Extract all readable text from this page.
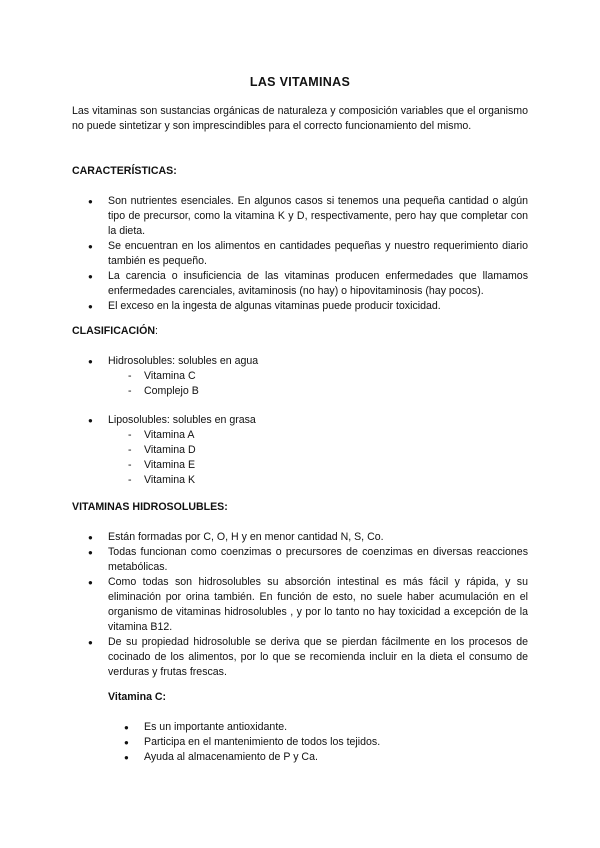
LAS VITAMINAS
Las vitaminas son sustancias orgánicas de naturaleza y composición variables que el organismo no puede sintetizar y son imprescindibles para el correcto funcionamiento del mismo.
CARACTERÍSTICAS:
● Son nutrientes esenciales. En algunos casos si tenemos una pequeña cantidad o algún tipo de precursor, como la vitamina K y D, respectivamente, pero hay que completar con la dieta.
● Se encuentran en los alimentos en cantidades pequeñas y nuestro requerimiento diario también es pequeño.
● La carencia o insuficiencia de las vitaminas producen enfermedades que llamamos enfermedades carenciales, avitaminosis (no hay) o hipovitaminosis (hay pocos).
● El exceso en la ingesta de algunas vitaminas puede producir toxicidad.
CLASIFICACIÓN:
● Hidrosolubles: solubles en agua
- Vitamina C
- Complejo B
● Liposolubles: solubles en grasa
- Vitamina A
- Vitamina D
- Vitamina E
- Vitamina K
VITAMINAS HIDROSOLUBLES:
● Están formadas por C, O, H y en menor cantidad N, S, Co.
● Todas funcionan como coenzimas o precursores de coenzimas en diversas reacciones metabólicas.
● Como todas son hidrosolubles su absorción intestinal es más fácil y rápida, y su eliminación por orina también. En función de esto, no suele haber acumulación en el organismo de vitaminas hidrosolubles , y por lo tanto no hay toxicidad a excepción de la vitamina B12.
● De su propiedad hidrosoluble se deriva que se pierdan fácilmente en los procesos de cocinado de los alimentos, por lo que se recomienda incluir en la dieta el consumo de verduras y frutas frescas.
Vitamina C:
● Es un importante antioxidante.
● Participa en el mantenimiento de todos los tejidos.
● Ayuda al almacenamiento de P y Ca.
